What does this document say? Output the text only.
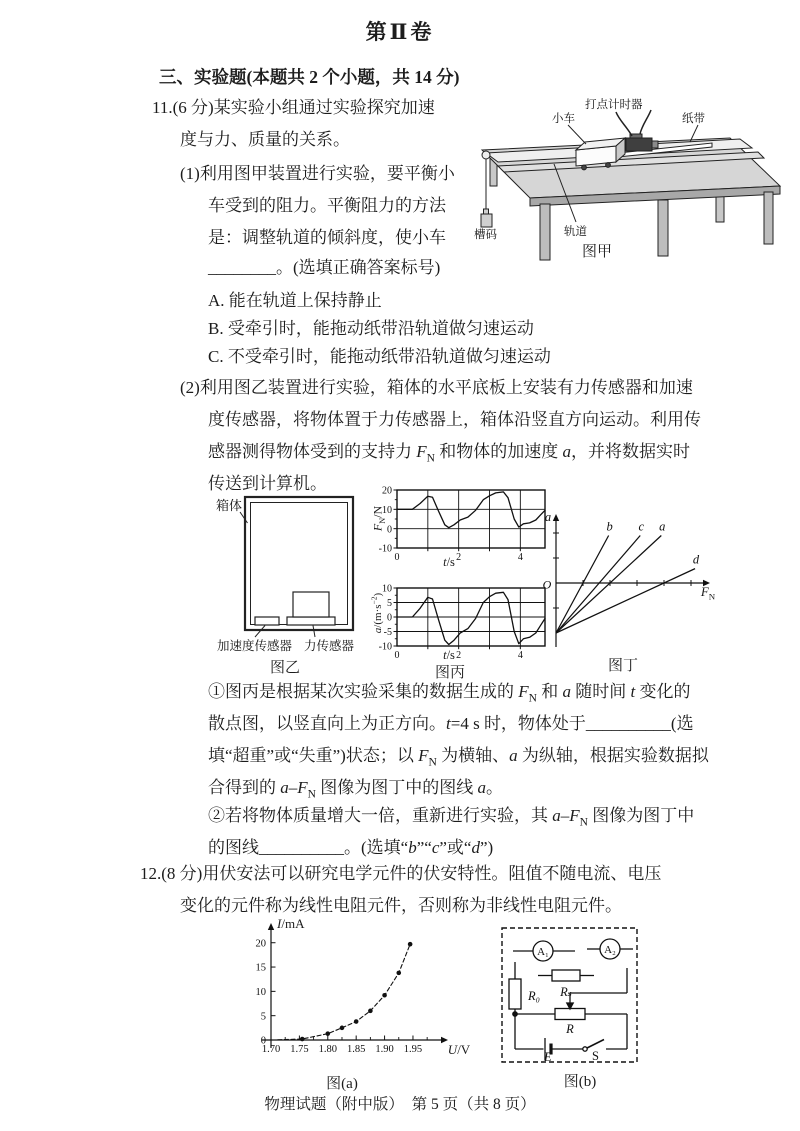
第Ⅱ卷
三、实验题(本题共 2 个小题，共 14 分)
11.(6 分)某实验小组通过实验探究加速
度与力、质量的关系。
(1)利用图甲装置进行实验，要平衡小
车受到的阻力。平衡阻力的方法
是：调整轨道的倾斜度，使小车
________。(选填正确答案标号)
A. 能在轨道上保持静止
B. 受牵引时，能拖动纸带沿轨道做匀速运动
C. 不受牵引时，能拖动纸带沿轨道做匀速运动
(2)利用图乙装置进行实验，箱体的水平底板上安装有力传感器和加速
度传感器，将物体置于力传感器上，箱体沿竖直方向运动。利用传
感器测得物体受到的支持力 $F_N$ 和物体的加速度 a，并将数据实时
传送到计算机。
①图丙是根据某次实验采集的数据生成的 $F_N$ 和 a 随时间 t 变化的
散点图，以竖直向上为正方向。t=4 s 时，物体处于__________(选
填“超重”或“失重”)状态；以 $F_N$ 为横轴、a 为纵轴，根据实验数据拟
合得到的 $a-F_N$ 图像为图丁中的图线 a。
②若将物体质量增大一倍，重新进行实验，其 $a-F_N$ 图像为图丁中
的图线__________。(选填“b”“c”或“d”)
12.(8 分)用伏安法可以研究电学元件的伏安特性。阻值不随电流、电压
变化的元件称为线性电阻元件，否则称为非线性电阻元件。
打点计时器
小车	纸带
轨道
槽码
图甲
箱体
加速度传感器 力传感器
图乙
0	2	4
20
10
0
-10
0	2	4
10
5
0
-5
-10
$F_N/N$
t/s
$a/(m\cdot s^{-2})$
t/s
图丙
a
O
b c a
d
$F_N$
图丁
1.70 1.75 1.80 1.85 1.90 1.95
0
5
10
15
20
I/mA
U/V
图(a)
A₁	A₂
Rₛ
R₀
R
E	S
图(b)
物理试题（附中版）　第 5 页（共 8 页）
